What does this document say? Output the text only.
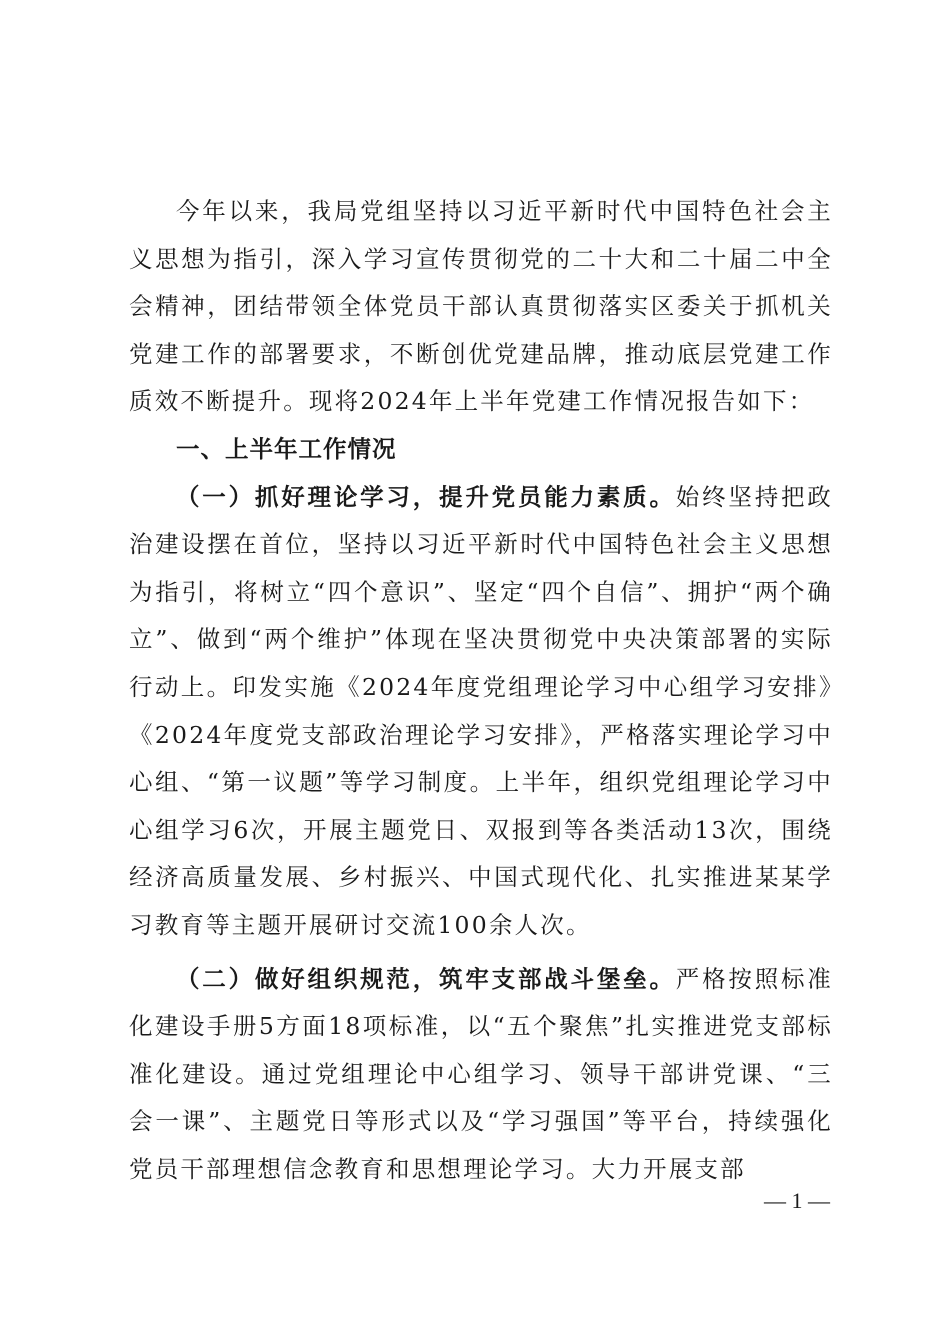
今年以来，我局党组坚持以习近平新时代中国特色社会主义思想为指引，深入学习宣传贯彻党的二十大和二十届二中全会精神，团结带领全体党员干部认真贯彻落实区委关于抓机关党建工作的部署要求，不断创优党建品牌，推动底层党建工作质效不断提升。现将2024年上半年党建工作情况报告如下：

一、上半年工作情况

（一）抓好理论学习，提升党员能力素质。始终坚持把政治建设摆在首位，坚持以习近平新时代中国特色社会主义思想为指引，将树立“四个意识”、坚定“四个自信”、拥护“两个确立”、做到“两个维护”体现在坚决贯彻党中央决策部署的实际行动上。印发实施《2024年度党组理论学习中心组学习安排》《2024年度党支部政治理论学习安排》，严格落实理论学习中心组、“第一议题”等学习制度。上半年，组织党组理论学习中心组学习6次，开展主题党日、双报到等各类活动13次，围绕经济高质量发展、乡村振兴、中国式现代化、扎实推进某某学习教育等主题开展研讨交流100余人次。

（二）做好组织规范，筑牢支部战斗堡垒。严格按照标准化建设手册5方面18项标准，以“五个聚焦”扎实推进党支部标准化建设。通过党组理论中心组学习、领导干部讲党课、“三会一课”、主题党日等形式以及“学习强国”等平台，持续强化党员干部理想信念教育和思想理论学习。大力开展支部

— 1 —
